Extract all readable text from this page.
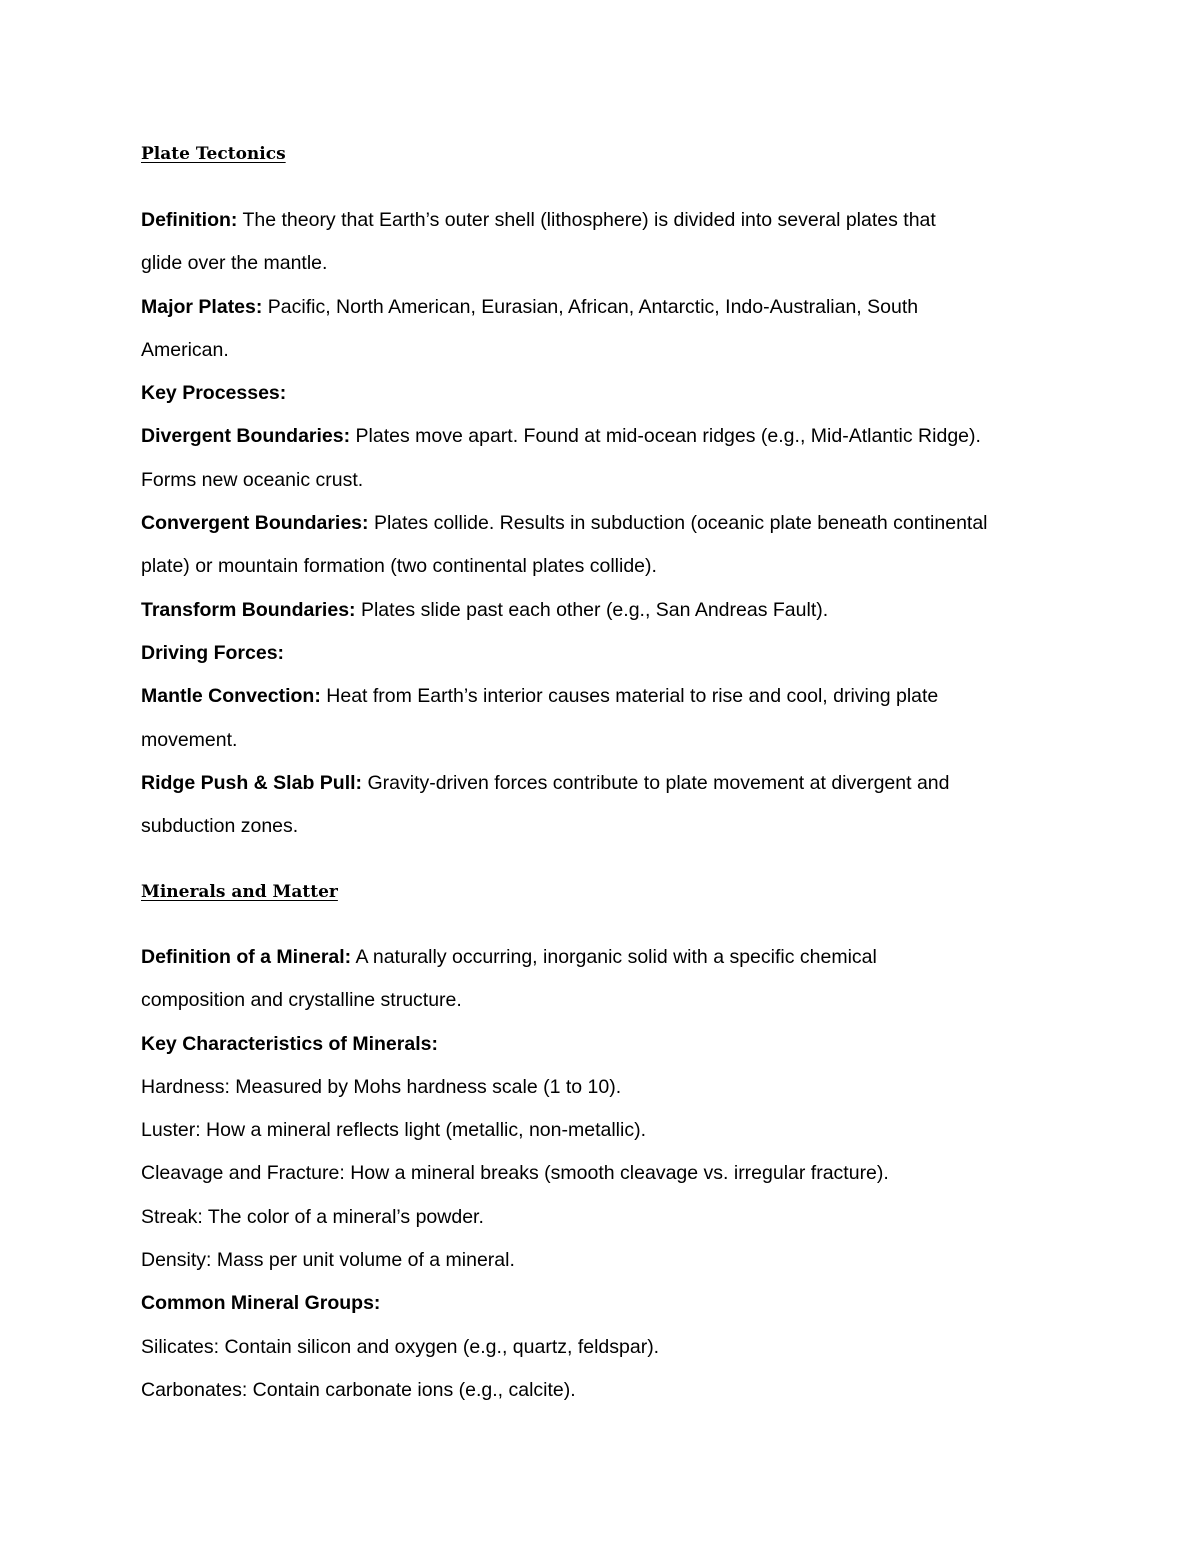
Plate Tectonics
Definition: The theory that Earth’s outer shell (lithosphere) is divided into several plates that
glide over the mantle.
Major Plates: Pacific, North American, Eurasian, African, Antarctic, Indo-Australian, South
American.
Key Processes:
Divergent Boundaries: Plates move apart. Found at mid-ocean ridges (e.g., Mid-Atlantic Ridge).
Forms new oceanic crust.
Convergent Boundaries: Plates collide. Results in subduction (oceanic plate beneath continental
plate) or mountain formation (two continental plates collide).
Transform Boundaries: Plates slide past each other (e.g., San Andreas Fault).
Driving Forces:
Mantle Convection: Heat from Earth’s interior causes material to rise and cool, driving plate
movement.
Ridge Push & Slab Pull: Gravity-driven forces contribute to plate movement at divergent and
subduction zones.
Minerals and Matter
Definition of a Mineral: A naturally occurring, inorganic solid with a specific chemical
composition and crystalline structure.
Key Characteristics of Minerals:
Hardness: Measured by Mohs hardness scale (1 to 10).
Luster: How a mineral reflects light (metallic, non-metallic).
Cleavage and Fracture: How a mineral breaks (smooth cleavage vs. irregular fracture).
Streak: The color of a mineral’s powder.
Density: Mass per unit volume of a mineral.
Common Mineral Groups:
Silicates: Contain silicon and oxygen (e.g., quartz, feldspar).
Carbonates: Contain carbonate ions (e.g., calcite).
